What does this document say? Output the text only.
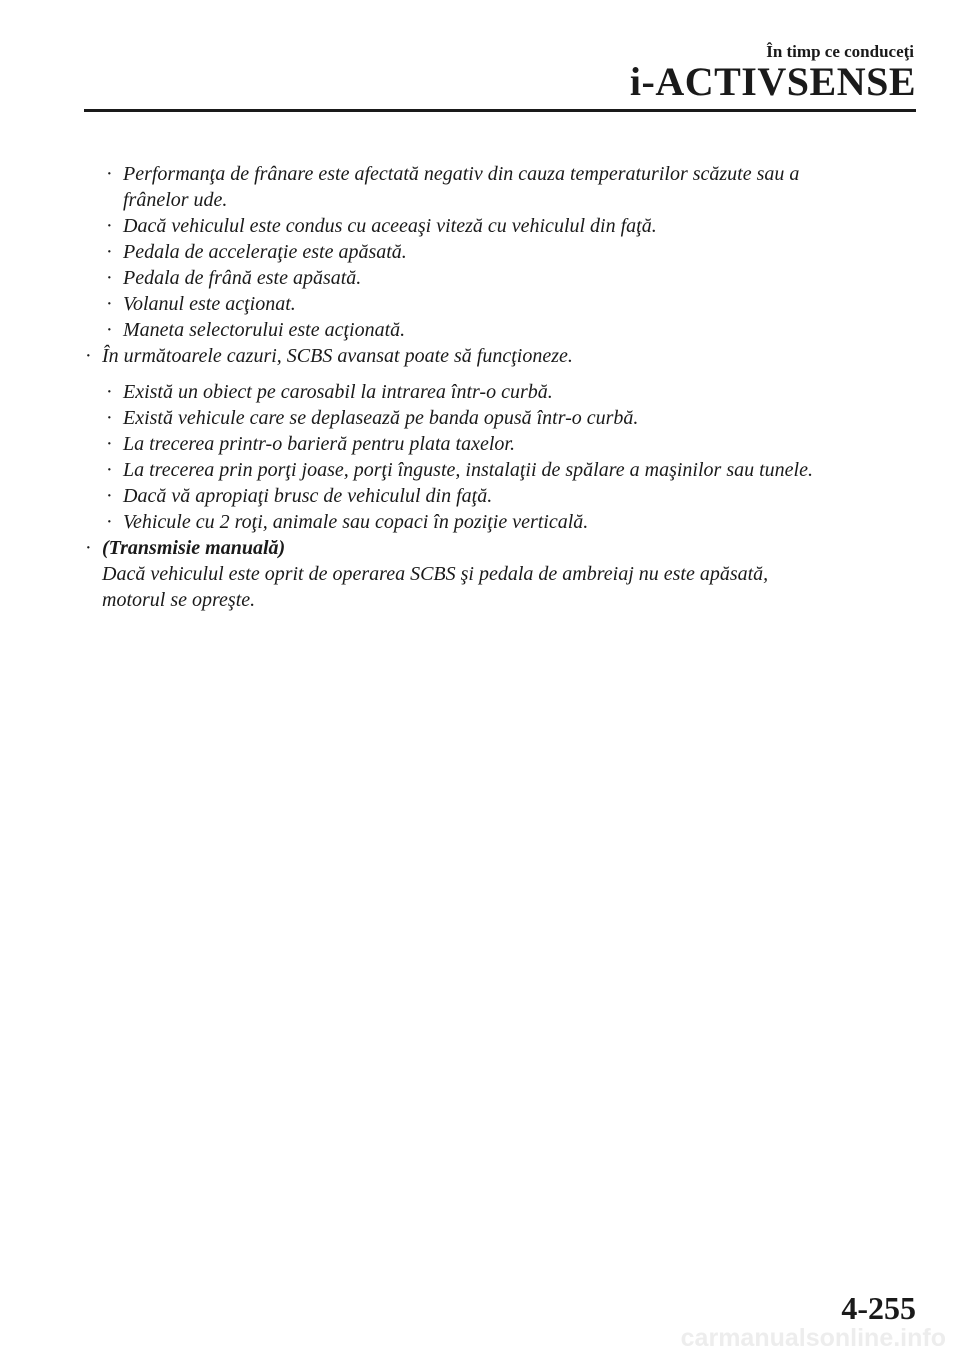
În timp ce conduceţi
i-ACTIVSENSE
· Performanţa de frânare este afectată negativ din cauza temperaturilor scăzute sau a
frânelor ude.
· Dacă vehiculul este condus cu aceeaşi viteză cu vehiculul din faţă.
· Pedala de acceleraţie este apăsată.
· Pedala de frână este apăsată.
· Volanul este acţionat.
· Maneta selectorului este acţionată.
· În următoarele cazuri, SCBS avansat poate să funcţioneze.
· Există un obiect pe carosabil la intrarea într-o curbă.
· Există vehicule care se deplasează pe banda opusă într-o curbă.
· La trecerea printr-o barieră pentru plata taxelor.
· La trecerea prin porţi joase, porţi înguste, instalaţii de spălare a maşinilor sau tunele.
· Dacă vă apropiaţi brusc de vehiculul din faţă.
· Vehicule cu 2 roţi, animale sau copaci în poziţie verticală.
· (Transmisie manuală)
Dacă vehiculul este oprit de operarea SCBS şi pedala de ambreiaj nu este apăsată,
motorul se opreşte.
4-255
carmanualsonline.info
